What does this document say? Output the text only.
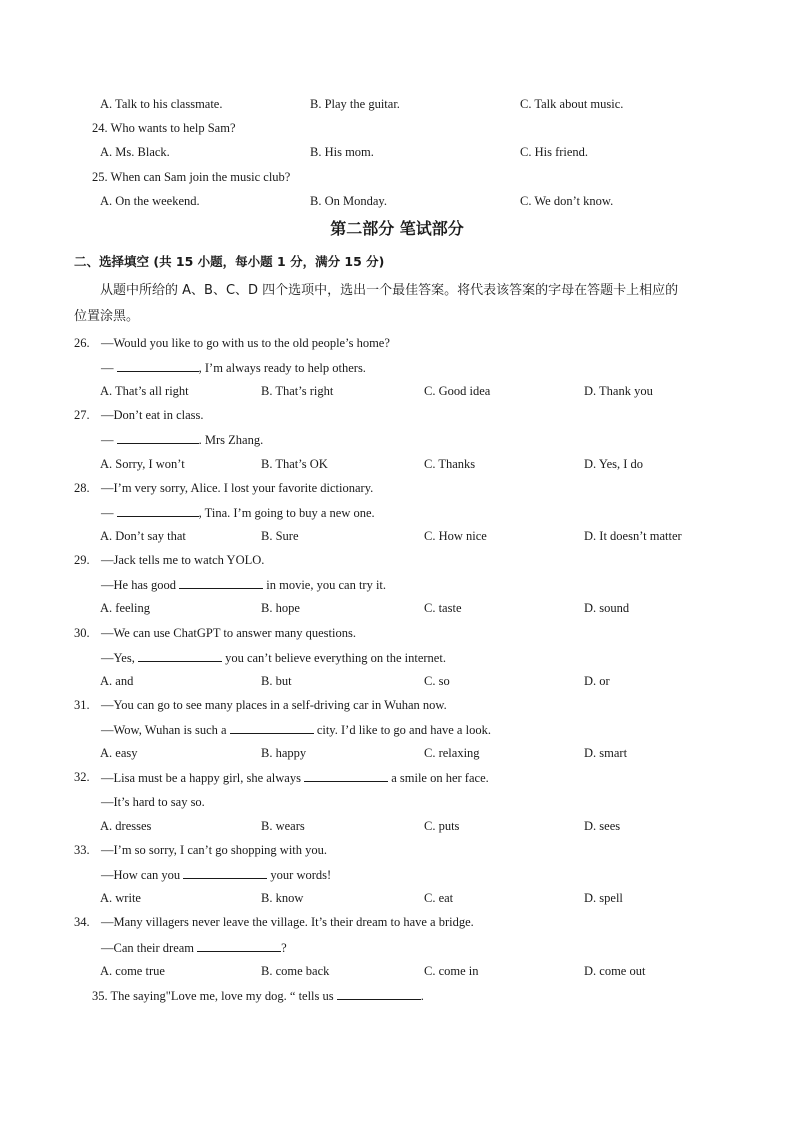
A. Talk to his classmate.	B. Play the guitar.	C. Talk about music.
24. Who wants to help Sam?
A. Ms. Black.	B. His mom.	C. His friend.
25. When can Sam join the music club?
A. On the weekend.	B. On Monday.	C. We don’t know.
第二部分 笔试部分
二、选择填空 (共 15 小题，每小题 1 分，满分 15 分)
从题中所给的 A、B、C、D 四个选项中，选出一个最佳答案。将代表该答案的字母在答题卡上相应的
位置涂黑。
26. —Would you like to go with us to the old people’s home?
—	, I’m always ready to help others.
A. That’s all right	B. That’s right	C. Good idea	D. Thank you
27. —Don’t eat in class.
—	. Mrs Zhang.
A. Sorry, I won’t	B. That’s OK	C. Thanks	D. Yes, I do
28. —I’m very sorry, Alice. I lost your favorite dictionary.
—	, Tina. I’m going to buy a new one.
A. Don’t say that	B. Sure	C. How nice	D. It doesn’t matter
29. —Jack tells me to watch YOLO.
—He has good	in movie, you can try it.
A. feeling	B. hope	C. taste	D. sound
30. —We can use ChatGPT to answer many questions.
—Yes,	you can’t believe everything on the internet.
A. and	B. but	C. so	D. or
31. —You can go to see many places in a self-driving car in Wuhan now.
—Wow, Wuhan is such a	city. I’d like to go and have a look.
A. easy	B. happy	C. relaxing	D. smart
32. —Lisa must be a happy girl, she always	a smile on her face.
—It’s hard to say so.
A. dresses	B. wears	C. puts	D. sees
33. —I’m so sorry, I can’t go shopping with you.
—How can you	your words!
A. write	B. know	C. eat	D. spell
34. —Many villagers never leave the village. It’s their dream to have a bridge.
—Can their dream	?
A. come true	B. come back	C. come in	D. come out
35. The saying"Love me, love my dog. “ tells us	.
